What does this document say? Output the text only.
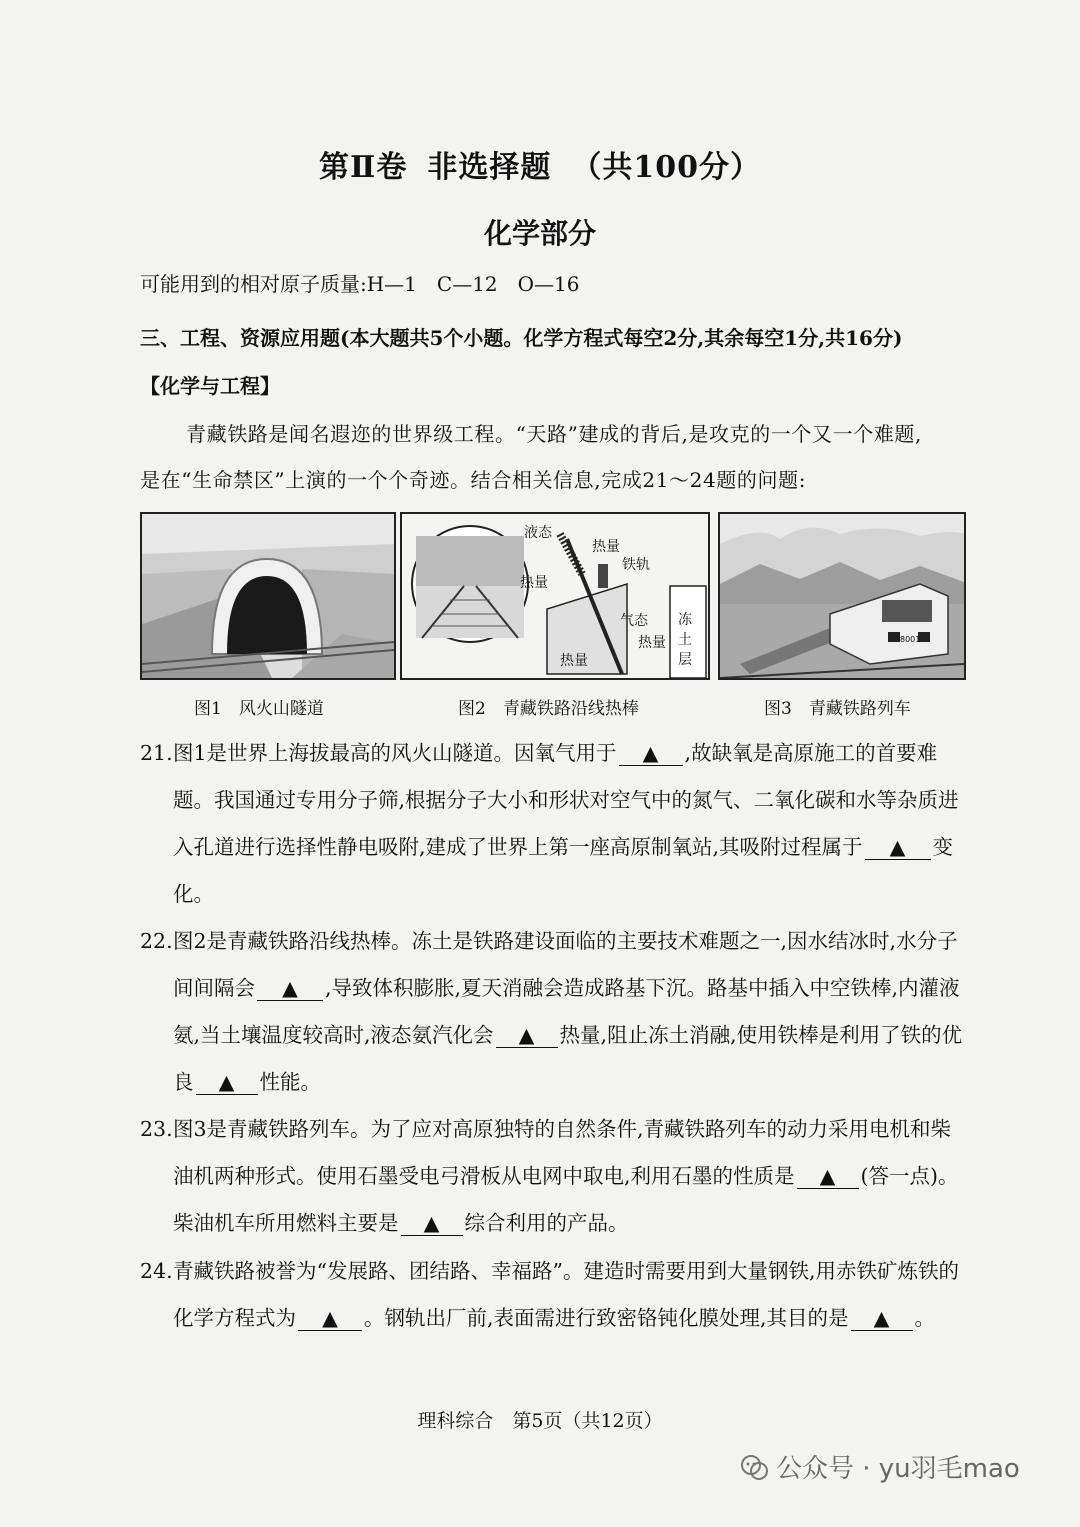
第Ⅱ卷 非选择题 （共100分）
化学部分
可能用到的相对原子质量:H—1　C—12　O—16
三、工程、资源应用题(本大题共5个小题。化学方程式每空2分,其余每空1分,共16分)
【化学与工程】
青藏铁路是闻名遐迩的世界级工程。“天路”建成的背后,是攻克的一个又一个难题,
是在“生命禁区”上演的一个个奇迹。结合相关信息,完成21～24题的问题:
液态
热量
铁轨
热量
气态
热量
冻土层
热量
8001
图1　风火山隧道	图2　青藏铁路沿线热棒	图3　青藏铁路列车
21. 图1是世界上海拔最高的风火山隧道。因氧气用于 ▲ ,故缺氧是高原施工的首要难题。我国通过专用分子筛,根据分子大小和形状对空气中的氮气、二氧化碳和水等杂质进入孔道进行选择性静电吸附,建成了世界上第一座高原制氧站,其吸附过程属于 ▲ 变化。
22. 图2是青藏铁路沿线热棒。冻土是铁路建设面临的主要技术难题之一,因水结冰时,水分子间间隔会 ▲ ,导致体积膨胀,夏天消融会造成路基下沉。路基中插入中空铁棒,内灌液氨,当土壤温度较高时,液态氨汽化会 ▲ 热量,阻止冻土消融,使用铁棒是利用了铁的优良 ▲ 性能。
23. 图3是青藏铁路列车。为了应对高原独特的自然条件,青藏铁路列车的动力采用电机和柴油机两种形式。使用石墨受电弓滑板从电网中取电,利用石墨的性质是 ▲ (答一点)。柴油机车所用燃料主要是 ▲ 综合利用的产品。
24. 青藏铁路被誉为“发展路、团结路、幸福路”。建造时需要用到大量钢铁,用赤铁矿炼铁的化学方程式为 ▲ 。钢轨出厂前,表面需进行致密铬钝化膜处理,其目的是 ▲ 。
理科综合　第5页（共12页）
公众号 · yu羽毛mao
